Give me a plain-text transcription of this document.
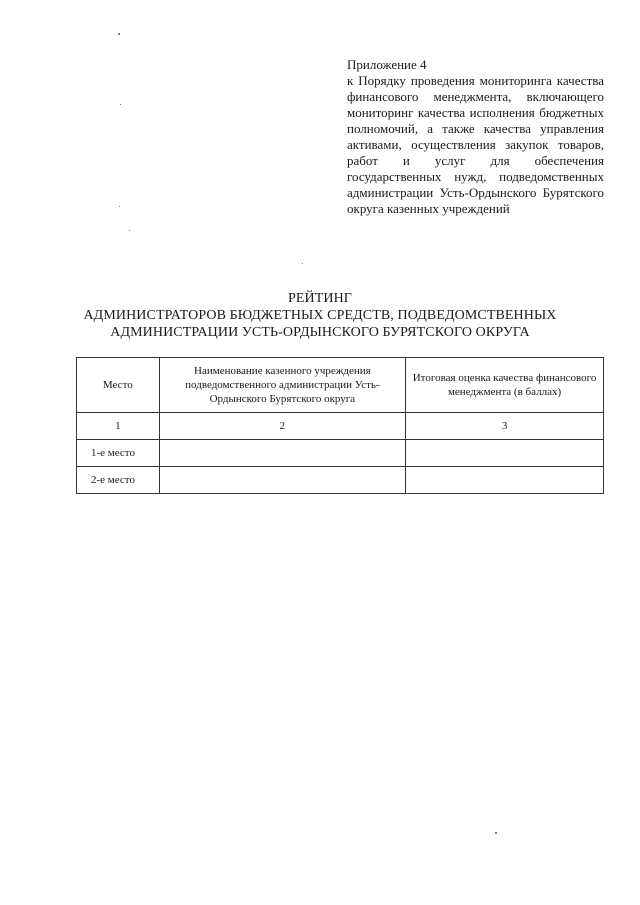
Приложение 4
к Порядку проведения мониторинга качества финансового менеджмента, включающего мониторинг качества исполнения бюджетных полномочий, а также качества управления активами, осуществления закупок товаров, работ и услуг для обеспечения государственных нужд, подведомственных администрации Усть-Ордынского Бурятского округа казенных учреждений
РЕЙТИНГ
АДМИНИСТРАТОРОВ БЮДЖЕТНЫХ СРЕДСТВ, ПОДВЕДОМСТВЕННЫХ
АДМИНИСТРАЦИИ УСТЬ-ОРДЫНСКОГО БУРЯТСКОГО ОКРУГА
Место	Наименование казенного учреждения подведомственного администрации Усть-Ордынского Бурятского округа	Итоговая оценка качества финансового менеджмента (в баллах)
1	2	3
1-е место		
2-е место		
